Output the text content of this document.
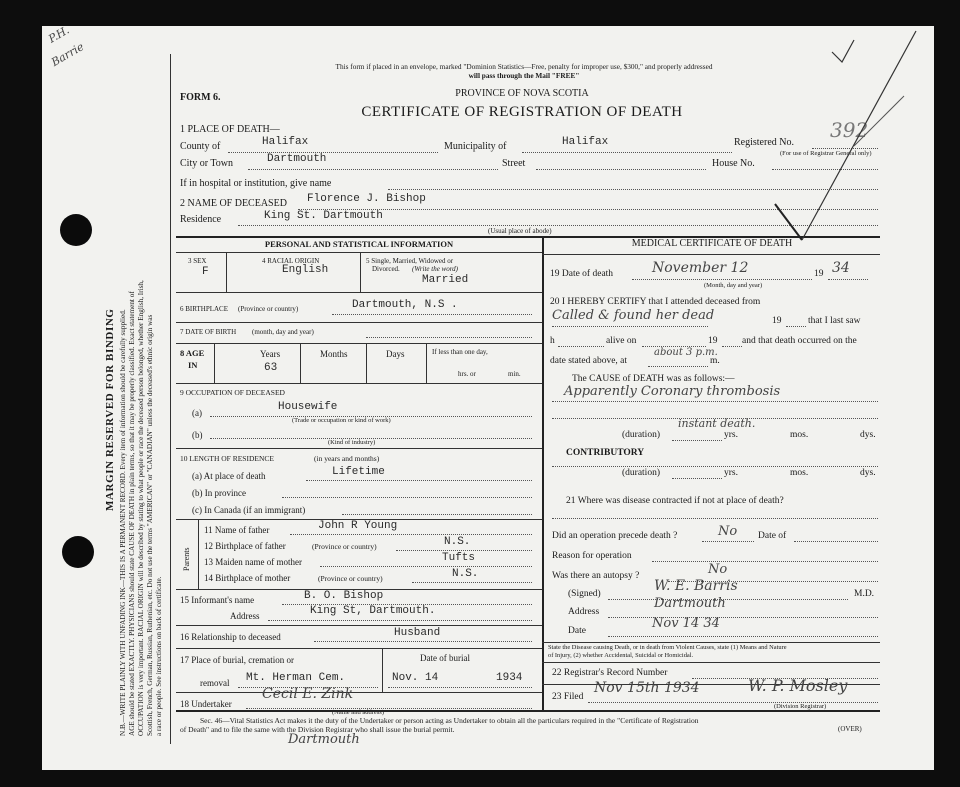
P.H.
Barrie
MARGIN RESERVED FOR BINDING N.B.—WRITE PLAINLY WITH UNFADING INK—THIS IS A PERMANENT RECORD. Every item of information should be carefully supplied. AGE should be stated EXACTLY. PHYSICIANS should state CAUSE OF DEATH in plain terms, so that it may be properly classified. Exact statement of OCCUPATION is very important. RACIAL ORIGIN will be described by stating to what people or race the deceased person belonged, whether English, Irish, Scottish, French, German, Russian, Ruthenian, etc. Do not use the terms "AMERICAN" or "CANADIAN" unless the deceased's ethnic origin was a race or people. See instructions on back of certificate.
This form if placed in an envelope, marked "Dominion Statistics—Free, penalty for improper use, $300," and properly addressed
will pass through the Mail "FREE"
FORM 6.	PROVINCE OF NOVA SCOTIA
CERTIFICATE OF REGISTRATION OF DEATH
1 PLACE OF DEATH—
County of	Halifax	Municipality of	Halifax	Registered No.
392
(For use of Registrar General only)
City or Town	Dartmouth	Street	House No.
If in hospital or institution, give name
2 NAME OF DECEASED Florence J. Bishop
Residence	King St. Dartmouth
(Usual place of abode)
PERSONAL AND STATISTICAL INFORMATION
3 SEX
F
4 RACIAL ORIGIN
English
5 Single, Married, Widowed or
Divorced. (Write the word)
Married
6 BIRTHPLACE (Province or country)	Dartmouth, N.S .
7 DATE OF BIRTH (month, day and year)
8 AGE
IN
Years
63
Months	Days	If less than one day,
hrs. or	min.
9 OCCUPATION OF DECEASED
(a)	Housewife
(Trade or occupation or kind of work)
(b)
(Kind of industry)
10 LENGTH OF RESIDENCE	(in years and months)
(a) At place of death	Lifetime
(b) In province
(c) In Canada (if an immigrant)
Parents
11 Name of father	John R Young
12 Birthplace of father	(Province or country)	N.S.
13 Maiden name of mother	Tufts
14 Birthplace of mother	(Province or country)	N.S.
15 Informant's name	B. O. Bishop
Address	King St, Dartmouth.
16 Relationship to deceased	Husband
17 Place of burial, cremation or	Date of burial
removal Mt. Herman Cem.	Nov. 14	1934
18 Undertaker
Cecil E. Zink
(Name and address)
Dartmouth
MEDICAL CERTIFICATE OF DEATH
19 Date of death	November 12	19 34
(Month, day and year)
20 I HEREBY CERTIFY that I attended deceased from
Called & found her dead	19	that I last saw
h	alive on	19	and that death occurred on the
about 3 p.m.
date stated above, at	m.
The CAUSE of DEATH was as follows:—
Apparently Coronary thrombosis
instant death.
(duration)	yrs.	mos.	dys.
CONTRIBUTORY
(duration)	yrs.	mos.	dys.
21 Where was disease contracted if not at place of death?
Did an operation precede death ?	No Date of
Reason for operation
Was there an autopsy ?	No
(Signed)	W. E. Barris	M.D.
Address
Dartmouth
Date	Nov 14 34
State the Disease causing Death, or in death from Violent Causes, state (1) Means and Nature
of Injury, (2) whether Accidental, Suicidal or Homicidal.
22 Registrar's Record Number
23 Filed
Nov 15th 1934	W. P. Mosley
(Division Registrar)
Sec. 46—Vital Statistics Act makes it the duty of the Undertaker or person acting as Undertaker to obtain all the particulars required in the "Certificate of Registration
of Death" and to file the same with the Division Registrar who shall issue the burial permit.	(OVER)
